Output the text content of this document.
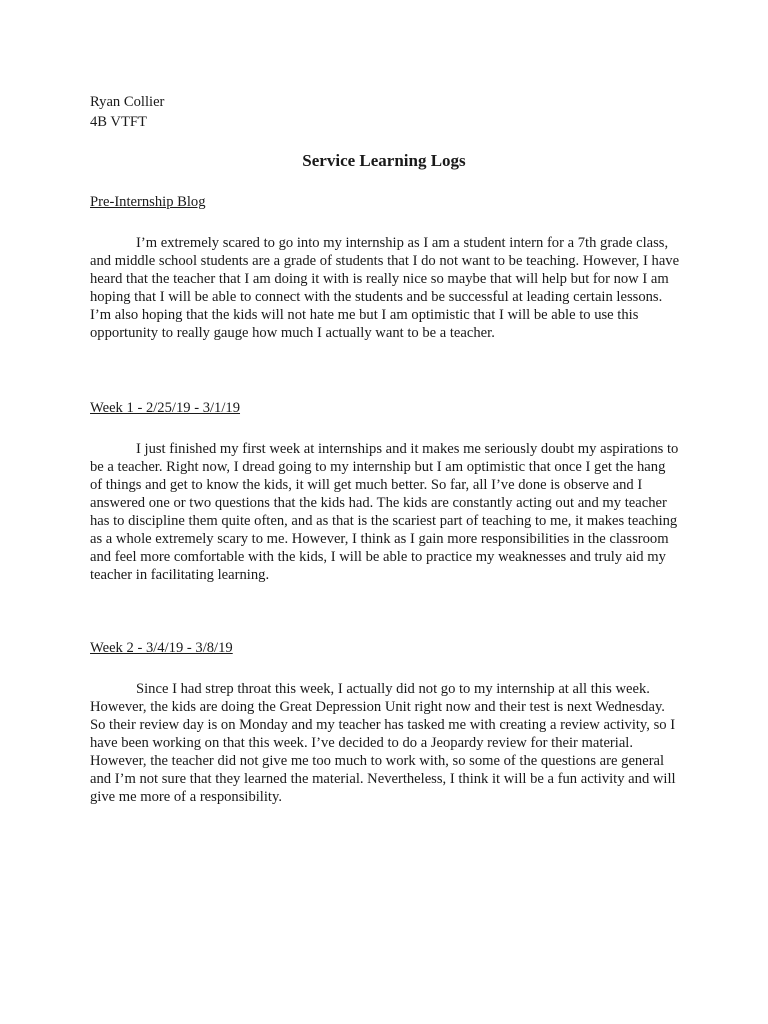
Ryan Collier
4B VTFT
Service Learning Logs
Pre-Internship Blog

I’m extremely scared to go into my internship as I am a student intern for a 7th grade class, and middle school students are a grade of students that I do not want to be teaching. However, I have heard that the teacher that I am doing it with is really nice so maybe that will help but for now I am hoping that I will be able to connect with the students and be successful at leading certain lessons. I’m also hoping that the kids will not hate me but I am optimistic that I will be able to use this opportunity to really gauge how much I actually want to be a teacher.

Week 1 - 2/25/19 - 3/1/19

I just finished my first week at internships and it makes me seriously doubt my aspirations to be a teacher. Right now, I dread going to my internship but I am optimistic that once I get the hang of things and get to know the kids, it will get much better. So far, all I’ve done is observe and I answered one or two questions that the kids had. The kids are constantly acting out and my teacher has to discipline them quite often, and as that is the scariest part of teaching to me, it makes teaching as a whole extremely scary to me. However, I think as I gain more responsibilities in the classroom and feel more comfortable with the kids, I will be able to practice my weaknesses and truly aid my teacher in facilitating learning.

Week 2 - 3/4/19 - 3/8/19

Since I had strep throat this week, I actually did not go to my internship at all this week. However, the kids are doing the Great Depression Unit right now and their test is next Wednesday. So their review day is on Monday and my teacher has tasked me with creating a review activity, so I have been working on that this week. I’ve decided to do a Jeopardy review for their material. However, the teacher did not give me too much to work with, so some of the questions are general and I’m not sure that they learned the material. Nevertheless, I think it will be a fun activity and will give me more of a responsibility.
